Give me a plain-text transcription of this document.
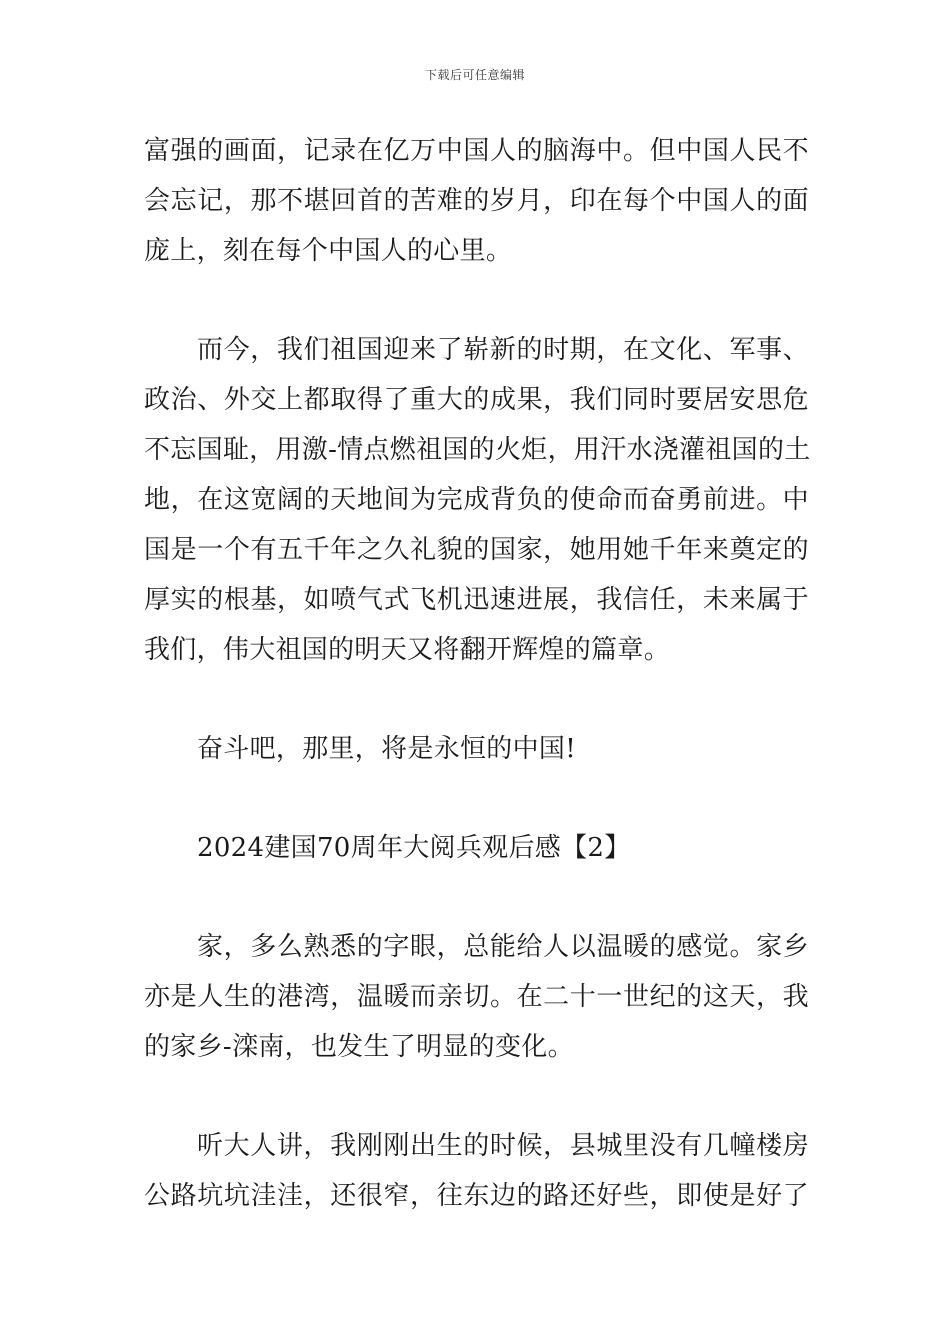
下载后可任意编辑
富强的画面，记录在亿万中国人的脑海中。但中国人民不
会忘记，那不堪回首的苦难的岁月，印在每个中国人的面
庞上，刻在每个中国人的心里。
而今，我们祖国迎来了崭新的时期，在文化、军事、
政治、外交上都取得了重大的成果，我们同时要居安思危
不忘国耻，用激-情点燃祖国的火炬，用汗水浇灌祖国的土
地，在这宽阔的天地间为完成背负的使命而奋勇前进。中
国是一个有五千年之久礼貌的国家，她用她千年来奠定的
厚实的根基，如喷气式飞机迅速进展，我信任，未来属于
我们，伟大祖国的明天又将翻开辉煌的篇章。
奋斗吧，那里，将是永恒的中国!
2024建国70周年大阅兵观后感【2】
家，多么熟悉的字眼，总能给人以温暖的感觉。家乡
亦是人生的港湾，温暖而亲切。在二十一世纪的这天，我
的家乡-滦南，也发生了明显的变化。
听大人讲，我刚刚出生的时候，县城里没有几幢楼房
公路坑坑洼洼，还很窄，往东边的路还好些，即使是好了
